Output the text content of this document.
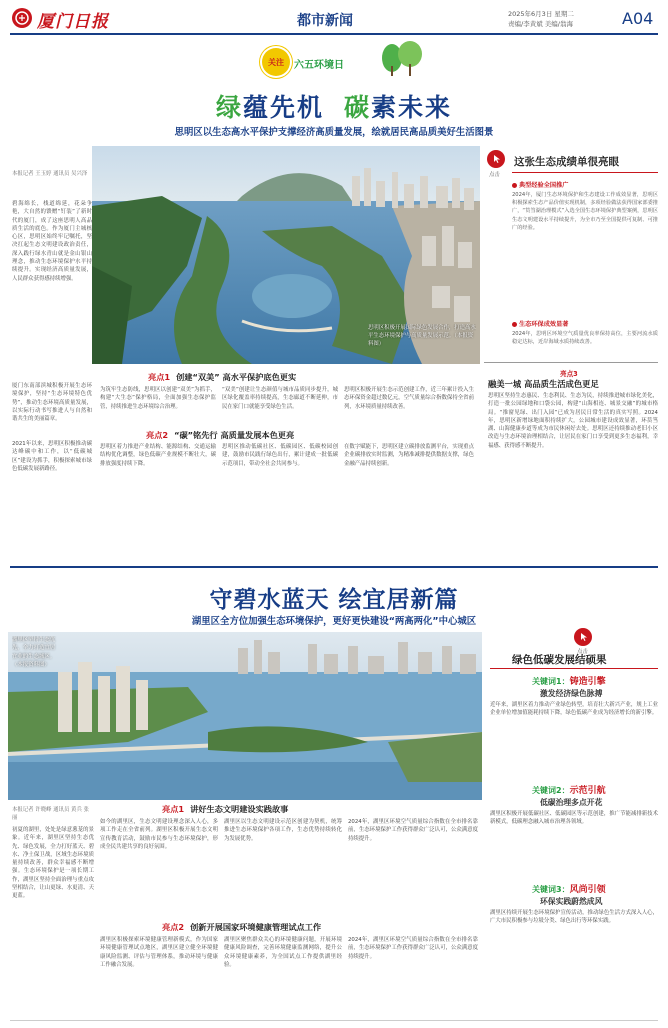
厦门日报	都市新闻	2025年6月3日 星期二
责编/李黄斌 美编/翁海	A04
关注	六五环境日
绿蕴先机 碳素未来
思明区以生态高水平保护支撑经济高质量发展，绘就居民高品质美好生活图景
本报记者 王玉婷 通讯员 吴兴泽
碧海绵长，栈道绵延，花朵争艳，大自然的馈赠“钉装”了新时代的厦门，成了这座思明人高品质生活的底色。作为厦门主城核心区，思明区始终牢记嘱托，坚决扛起生态文明建设政治责任，深入践行绿水青山就是金山银山理念，推动生态环境保护水平持续提升。实现经济高质量发展，人民群众获得感持续增强。
思明区积极开展国际绿色发展合作，打造高水平生态环境保护与高质量发展示范。（本报资料图）
点击
这张生态成绩单很亮眼
典型经验全国推广
2024年，厦门生态环境保护和生态建设工作成效显著，思明区积极探索生态产品价值实现机制，多项经验做法获得国家部委推广，“筼筜湖治理模式”入选全国生态环境保护典型案例，思明区生态文明建设水平持续提升，为全市乃至全国提供可复制、可推广的经验。
生态环保成效显著
2024年，思明区环境空气质量优良率保持高位，主要河流水质稳定达标，近岸海域水质持续改善。
厦门东南部滨城积极开展生态环境保护，坚持“生态环境特色优势”，推动生态环境高质量发展，以实际行动书写推进人与自然和谐共生的美丽篇章。
亮点1 创建“双美” 高水平保护底色更实
为筑牢生态防线，思明区以创建“双美”为抓手，构建“大生态”保护格局，全面加强生态保护监管，持续推进生态环境综合治理。
“双美”创建让生态颜值与城市品质同步提升，城区绿化覆盖率持续提高，生态廊道不断延伸，市民在家门口就能享受绿色生活。
思明区积极开展生态示范创建工作，近三年累计投入生态环保资金超过数亿元，空气质量综合指数保持全省前列，水环境质量持续改善。
2021年以来，思明区积极推动碳达峰碳中和工作，以“低碳城区”建设为抓手，积极探索城市绿色低碳发展新路径。
亮点2 “碳”铭先行 高质量发展本色更亮
思明区着力推进产业结构、能源结构、交通运输结构优化调整，绿色低碳产业规模不断壮大，碳排放强度持续下降。
思明区推动低碳社区、低碳园区、低碳校园创建，鼓励市民践行绿色出行，累计建成一批低碳示范项目，带动全社会共同参与。
在数字赋能下，思明区建立碳排放监测平台，实现重点企业碳排放实时监测，为精准减排提供数据支撑，绿色金融产品持续创新。
亮点3
融美一城 高品质生活成色更足
思明区坚持生态惠民、生态利民、生态为民，持续推进城市绿化美化，打造一批公园绿地和口袋公园，构建“山海相连、城景交融”的城市格局。“推窗见绿、出门入园”已成为居民日常生活的真实写照。2024年，思明区新增绿地面积持续扩大，公园城市建设成效显著，环筼筜湖、山海健康步道等成为市民休闲好去处。思明区还持续推动老旧小区改造与生态环境治理相结合，让居民在家门口享受到更多生态福利，幸福感、获得感不断提升。
守碧水蓝天 绘宜居新篇
湖里区全方位加强生态环境保护，更好更快建设“两高两化”中心城区
湖里区坚持生态优先，全力打造宜居宜业的生态城区。（本报资料图）
本报记者 许晓峰 通讯员 黄兵 张丽
初夏的湖里，处处是绿意葱茏的景象。近年来，湖里区坚持生态优先、绿色发展，全力打好蓝天、碧水、净土保卫战，区域生态环境质量持续改善，群众幸福感不断增强。生态环境保护是一项长期工作，湖里区坚持全面治理与重点攻坚相结合，让山更绿、水更清、天更蓝。
亮点1 讲好生态文明建设实践故事
如今的湖里区，生态文明建设理念深入人心，多项工作走在全省前列。湖里区积极开展生态文明宣传教育活动，鼓励市民参与生态环境保护，形成全民共建共享的良好氛围。
湖里区以生态文明建设示范区创建为契机，统筹推进生态环境保护各项工作，生态优势持续转化为发展优势。
2024年，湖里区环境空气质量综合指数在全市排名靠前，生态环境保护工作获得群众广泛认可，公众满意度持续提升。
亮点2 创新开展国家环境健康管理试点工作
湖里区积极探索环境健康管理新模式，作为国家环境健康管理试点地区，湖里区建立健全环境健康风险监测、评估与管理体系，推动环境与健康工作融合发展。
湖里区聚焦群众关心的环境健康问题，开展环境健康风险调查，完善环境健康监测网络，提升公众环境健康素养，为全国试点工作提供湖里经验。
2024年，湖里区环境空气质量综合指数在全市排名靠前，生态环境保护工作获得群众广泛认可，公众满意度持续提升。
点击
绿色低碳发展结硕果
关键词1：铸造引擎
激发经济绿色脉搏
近年来，湖里区着力推动产业绿色转型，培育壮大新兴产业，规上工业企业单位增加值能耗持续下降，绿色低碳产业成为经济增长的新引擎。
关键词2：示范引航
低碳治理多点开花
湖里区积极开展低碳社区、低碳园区等示范创建，推广节能减排新技术新模式，低碳理念融入城市治理各领域。
关键词3：风尚引领
环保实践蔚然成风
湖里区持续开展生态环境保护宣传活动，推动绿色生活方式深入人心，广大市民积极参与垃圾分类、绿色出行等环保实践。
